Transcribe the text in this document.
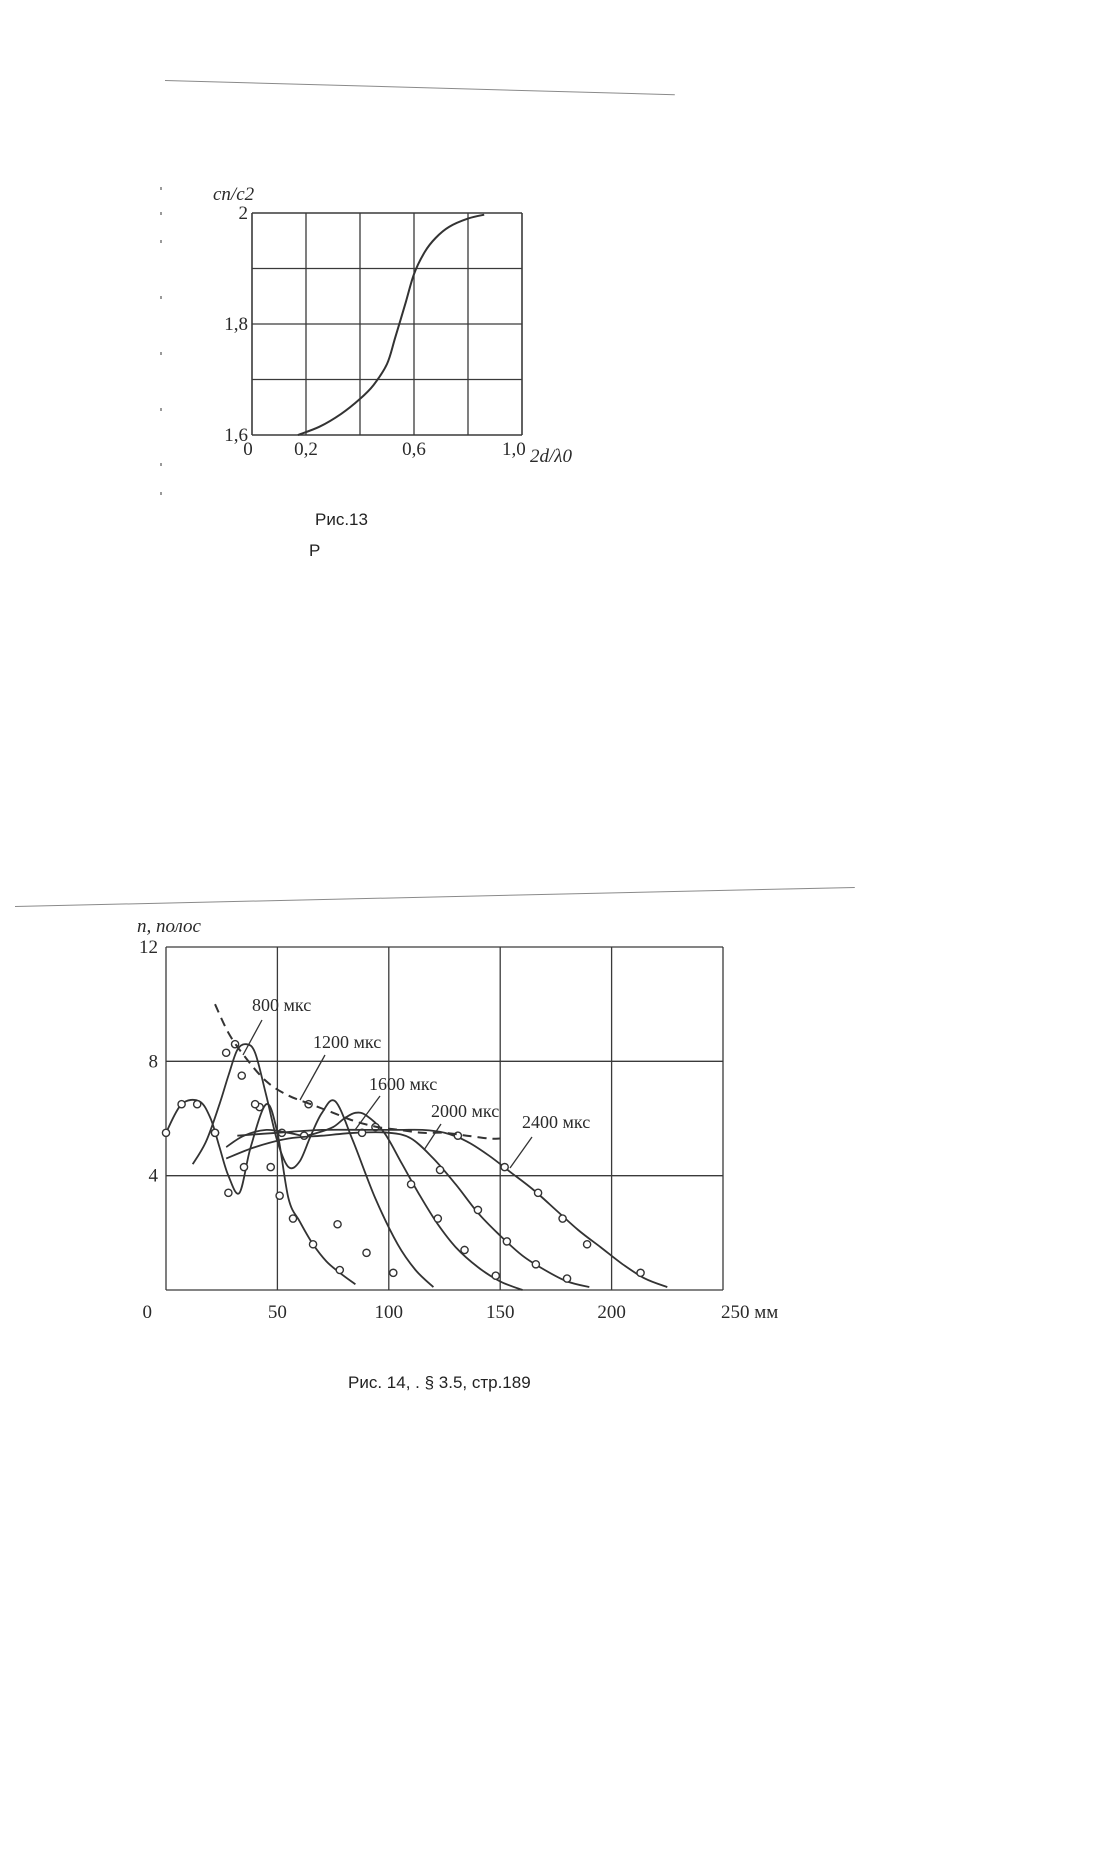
1,6
1,8
2
0 0,2	0,6	1,0 2d/λ0
cп/c2
Рис.13
Р
800 мкс
1200 мкс
1600 мкс
2000 мкс
2400 мкс
4
8
12
0	50	100	150	200	250 мм
n, полос
Рис. 14, . § 3.5, стр.189
